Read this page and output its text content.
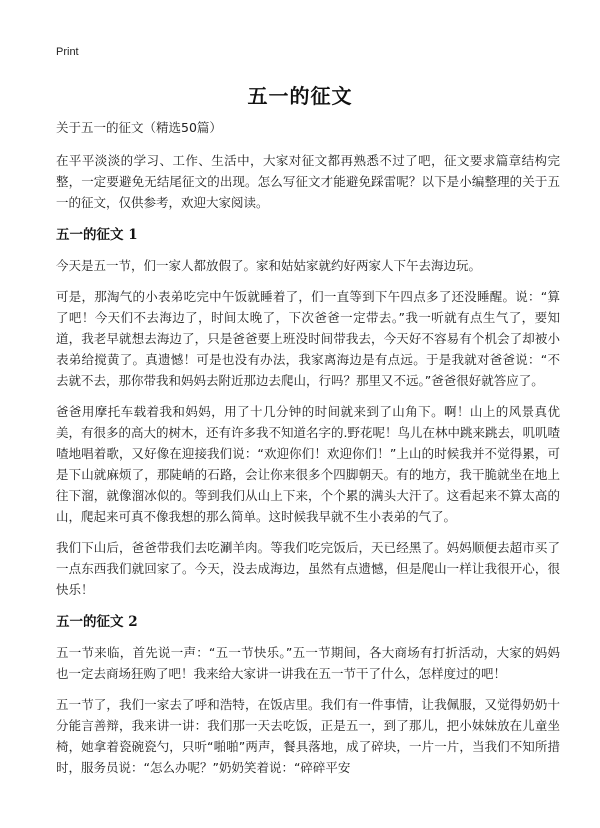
Print
五一的征文

关于五一的征文（精选50篇）

在平平淡淡的学习、工作、生活中，大家对征文都再熟悉不过了吧，征文要求篇章结构完整，一定要避免无结尾征文的出现。怎么写征文才能避免踩雷呢？以下是小编整理的关于五一的征文，仅供参考，欢迎大家阅读。

五一的征文 1

今天是五一节，们一家人都放假了。家和姑姑家就约好两家人下午去海边玩。

可是，那淘气的小表弟吃完中午饭就睡着了，们一直等到下午四点多了还没睡醒。说：“算了吧！今天们不去海边了，时间太晚了，下次爸爸一定带去。”我一听就有点生气了，要知道，我老早就想去海边了，只是爸爸要上班没时间带我去，今天好不容易有个机会了却被小表弟给搅黄了。真遗憾！可是也没有办法，我家离海边是有点远。于是我就对爸爸说：“不去就不去，那你带我和妈妈去附近那边去爬山，行吗？那里又不远。”爸爸很好就答应了。

爸爸用摩托车载着我和妈妈，用了十几分钟的时间就来到了山角下。啊！山上的风景真优美，有很多的高大的树木，还有许多我不知道名字的.野花呢！鸟儿在林中跳来跳去，叽叽喳喳地唱着歌，又好像在迎接我们说：“欢迎你们！欢迎你们！”上山的时候我并不觉得累，可是下山就麻烦了，那陡峭的石路，会让你来很多个四脚朝天。有的地方，我干脆就坐在地上往下溜，就像溜冰似的。等到我们从山上下来，个个累的满头大汗了。这看起来不算太高的山，爬起来可真不像我想的那么简单。这时候我早就不生小表弟的气了。

我们下山后，爸爸带我们去吃涮羊肉。等我们吃完饭后，天已经黑了。妈妈顺便去超市买了一点东西我们就回家了。今天，没去成海边，虽然有点遗憾，但是爬山一样让我很开心，很快乐！

五一的征文 2

五一节来临，首先说一声：“五一节快乐。”五一节期间，各大商场有打折活动，大家的妈妈也一定去商场狂购了吧！我来给大家讲一讲我在五一节干了什么，怎样度过的吧！

五一节了，我们一家去了呼和浩特，在饭店里。我们有一件事情，让我佩服，又觉得奶奶十分能言善辩，我来讲一讲：我们那一天去吃饭，正是五一，到了那儿，把小妹妹放在儿童坐椅，她拿着瓷碗瓷勺，只听“啪啪”两声，餐具落地，成了碎块，一片一片，当我们不知所措时，服务员说：“怎么办呢？”奶奶笑着说：“碎碎平安
